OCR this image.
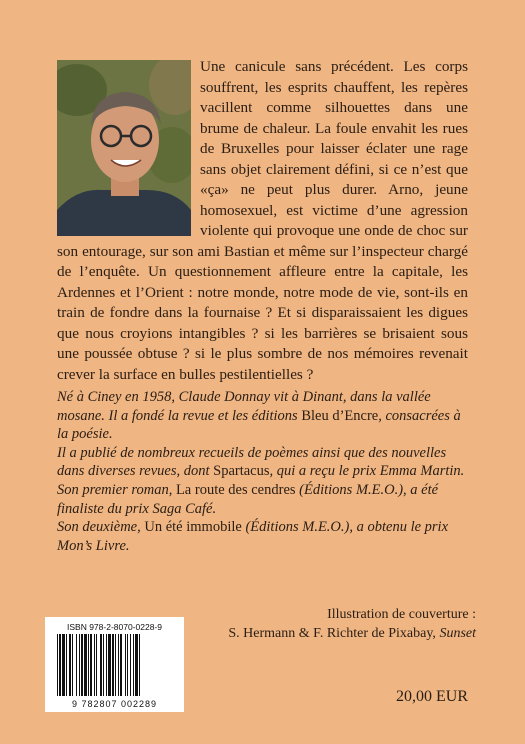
Une canicule sans précédent. Les corps souffrent, les esprits chauffent, les repères vacillent comme silhouettes dans une brume de chaleur. La foule envahit les rues de Bruxelles pour laisser éclater une rage sans objet clairement défini, si ce n’est que «ça» ne peut plus durer. Arno, jeune homosexuel, est victime d’une agression violente qui provoque une onde de choc sur son entourage, sur son ami Bastian et même sur l’inspecteur chargé de l’enquête. Un questionnement affleure entre la capitale, les Ardennes et l’Orient : notre monde, notre mode de vie, sont-ils en train de fondre dans la fournaise ? Et si disparaissaient les digues que nous croyions intangibles ? si les barrières se brisaient sous une poussée obtuse ? si le plus sombre de nos mémoires revenait crever la surface en bulles pestilentielles ?

Né à Ciney en 1958, Claude Donnay vit à Dinant, dans la vallée mosane. Il a fondé la revue et les éditions Bleu d’Encre, consacrées à la poésie.

Il a publié de nombreux recueils de poèmes ainsi que des nouvelles dans diverses revues, dont Spartacus, qui a reçu le prix Emma Martin.

Son premier roman, La route des cendres (Éditions M.E.O.), a été finaliste du prix Saga Café.

Son deuxième, Un été immobile (Éditions M.E.O.), a obtenu le prix Mon’s Livre.

ISBN 978-2-8070-0228-9
9 782807 002289

Illustration de couverture :

S. Hermann & F. Richter de Pixabay, Sunset

20,00 EUR
